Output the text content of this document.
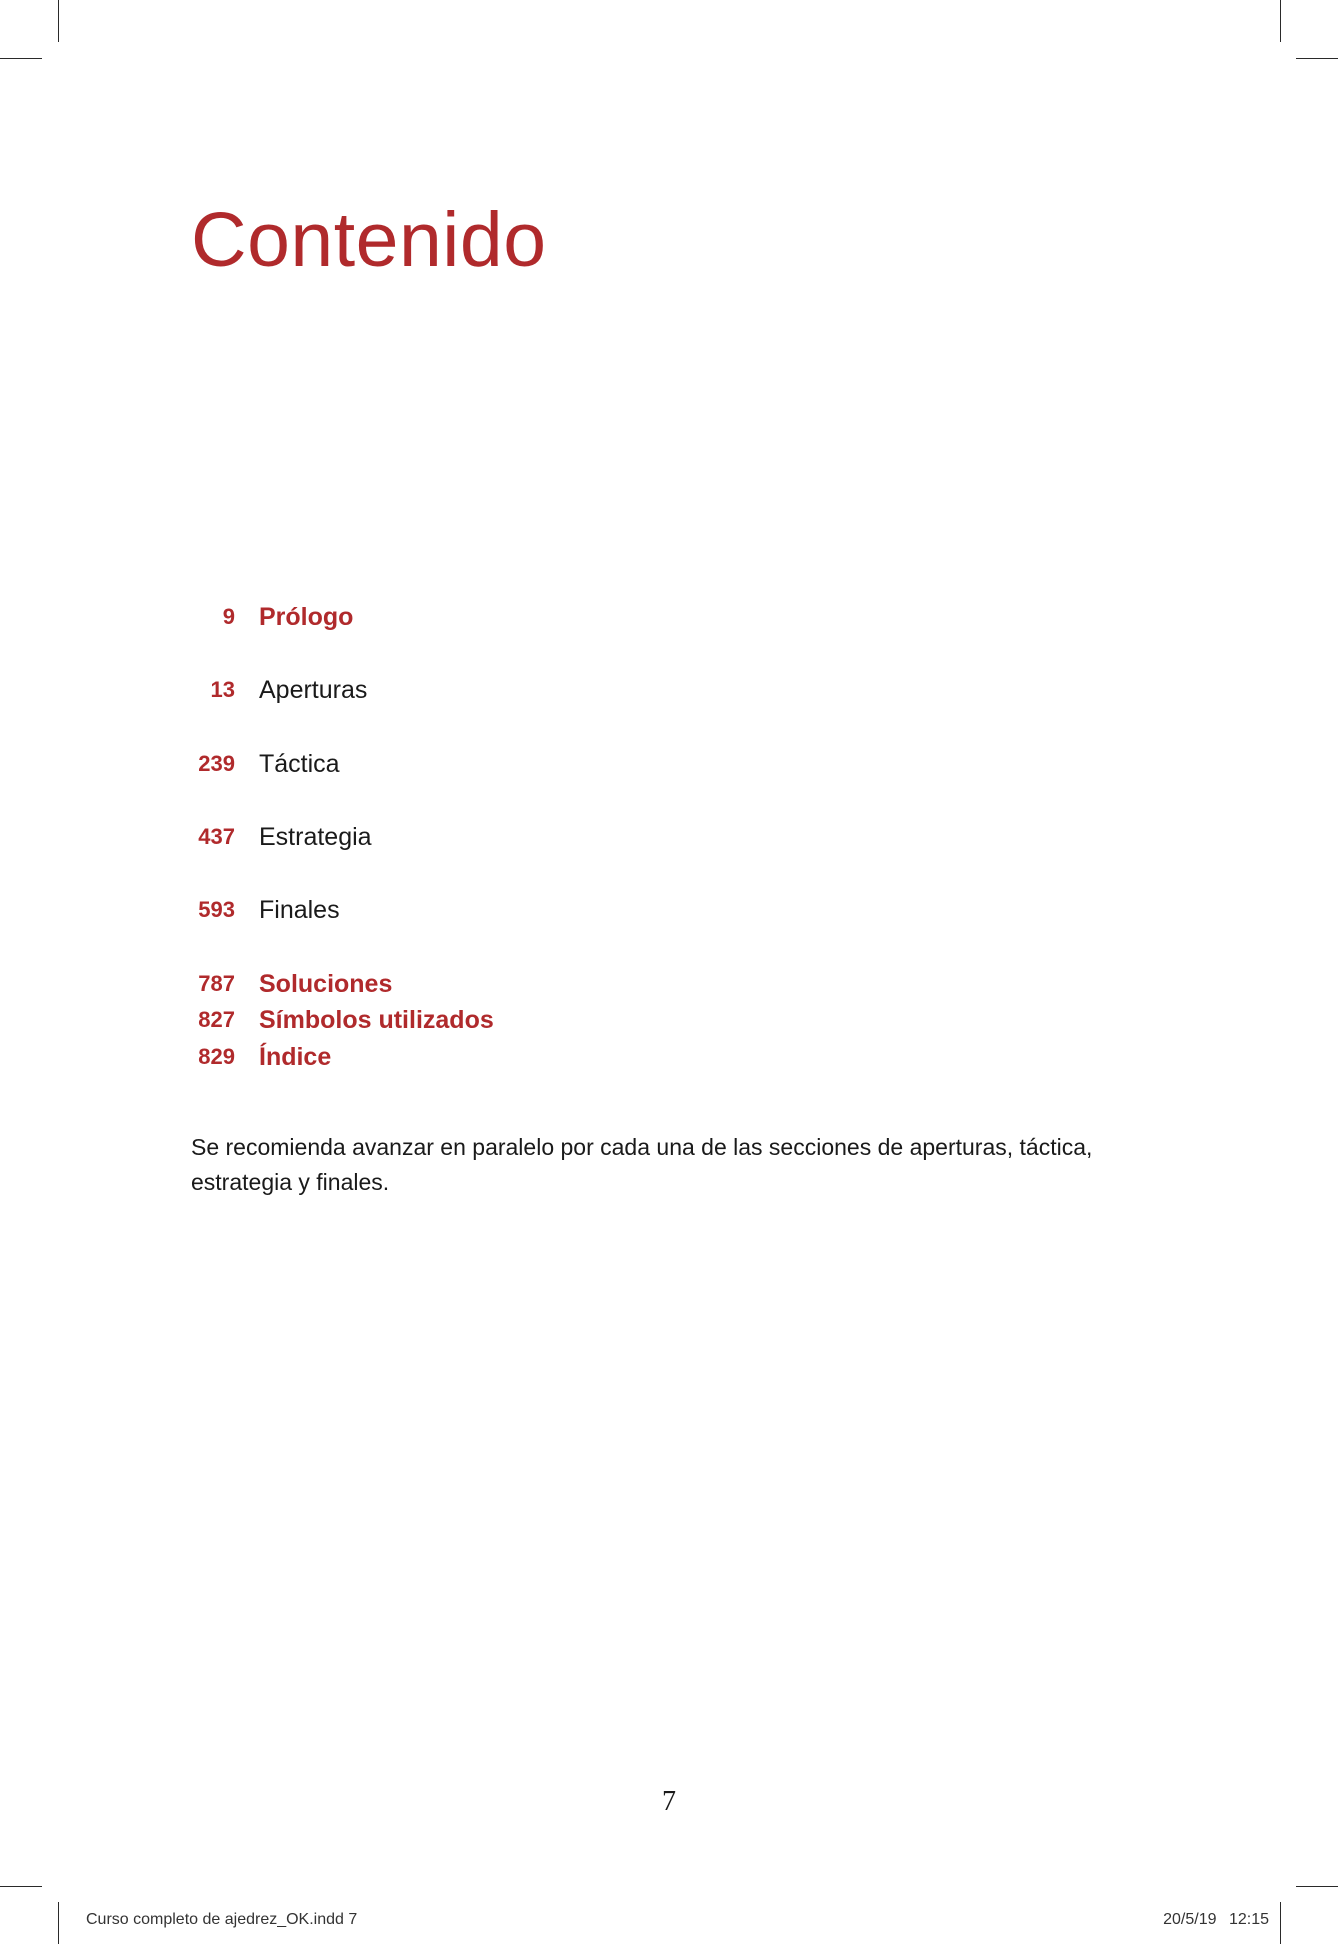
Contenido
9 Prólogo
13 Aperturas
239 Táctica
437 Estrategia
593 Finales
787 Soluciones
827 Símbolos utilizados
829 Índice

Se recomienda avanzar en paralelo por cada una de las secciones de aperturas, táctica, estrategia y finales.

7
Curso completo de ajedrez_OK.indd 7	20/5/19 12:15
